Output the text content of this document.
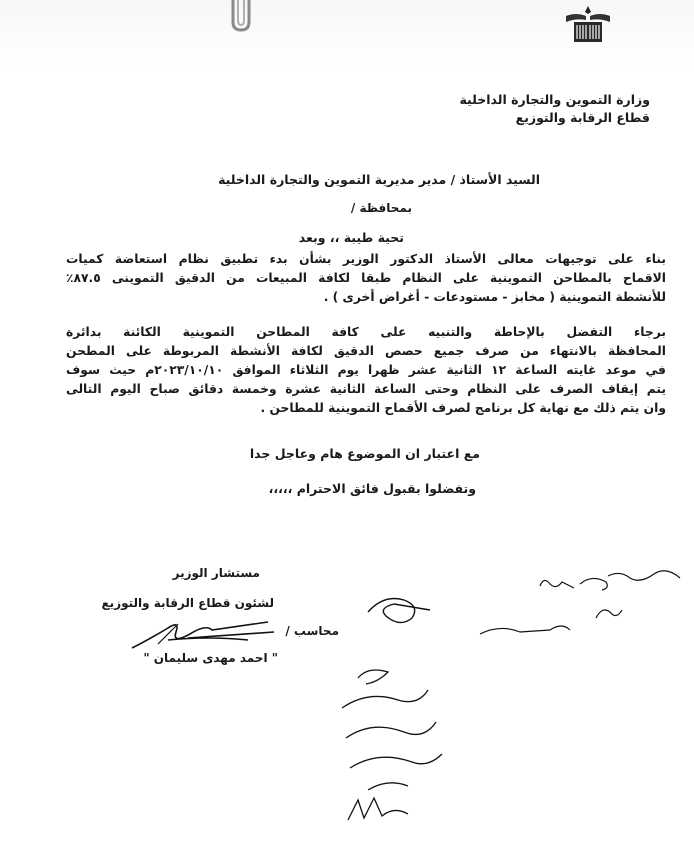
وزارة التموين والتجارة الداخلية
قطاع الرقابة والتوزيع
السيد الأستاذ / مدير مديرية التموين والتجارة الداخلية
بمحافظة /
تحية طيبة ،، وبعد
بناء على توجيهات معالى الأستاذ الدكتور الوزير بشأن بدء تطبيق نظام استعاضة كميات
الاقماح بالمطاحن التموينية على النظام طبقا لكافة المبيعات من الدقيق التموينى ٨٧.٥٪
للأنشطة التموينية ( مخابز - مستودعات - أغراض أخرى ) .
برجاء التفضل بالإحاطة والتنبيه على كافة المطاحن التموينية الكائنة بدائرة
المحافظة بالانتهاء من صرف جميع حصص الدقيق لكافة الأنشطة المربوطة على المطحن
في موعد غايته الساعة ١٢ الثانية عشر ظهرا يوم الثلاثاء الموافق ٢٠٢٣/١٠/١٠م حيث سوف
يتم إيقاف الصرف على النظام وحتى الساعة الثانية عشرة وخمسة دقائق صباح اليوم التالى
وان يتم ذلك مع نهاية كل برنامج لصرف الأقماح التموينية للمطاحن .
مع اعتبار ان الموضوع هام وعاجل جدا
وتفضلوا بقبول فائق الاحترام ،،،،،
مستشار الوزير
لشئون قطاع الرقابة والتوزيع
محاسب /
" احمد مهدى سليمان "
